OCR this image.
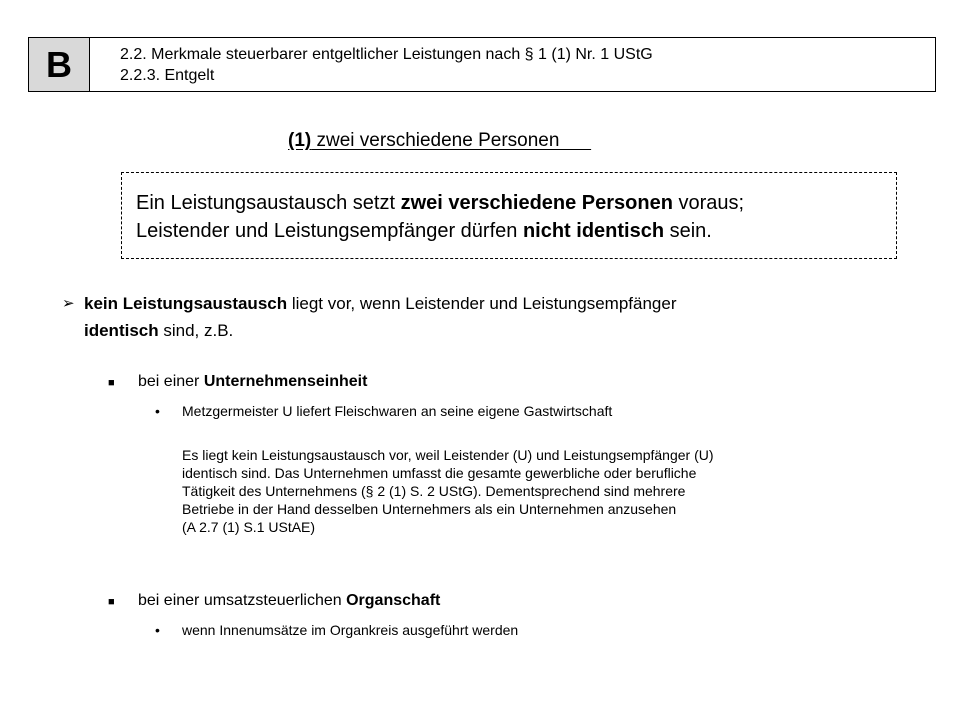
B	2.2. Merkmale steuerbarer entgeltlicher Leistungen nach § 1 (1) Nr. 1 UStG
2.2.3. Entgelt
(1) zwei verschiedene Personen
Ein Leistungsaustausch setzt zwei verschiedene Personen voraus;
Leistender und Leistungsempfänger dürfen nicht identisch sein.
➢ kein Leistungsaustausch liegt vor, wenn Leistender und Leistungsempfänger
identisch sind, z.B.
■ bei einer Unternehmenseinheit
• Metzgermeister U liefert Fleischwaren an seine eigene Gastwirtschaft
Es liegt kein Leistungsaustausch vor, weil Leistender (U) und Leistungsempfänger (U)
identisch sind. Das Unternehmen umfasst die gesamte gewerbliche oder berufliche
Tätigkeit des Unternehmens (§ 2 (1) S. 2 UStG). Dementsprechend sind mehrere
Betriebe in der Hand desselben Unternehmers als ein Unternehmen anzusehen
(A 2.7 (1) S.1 UStAE)
■ bei einer umsatzsteuerlichen Organschaft
• wenn Innenumsätze im Organkreis ausgeführt werden
